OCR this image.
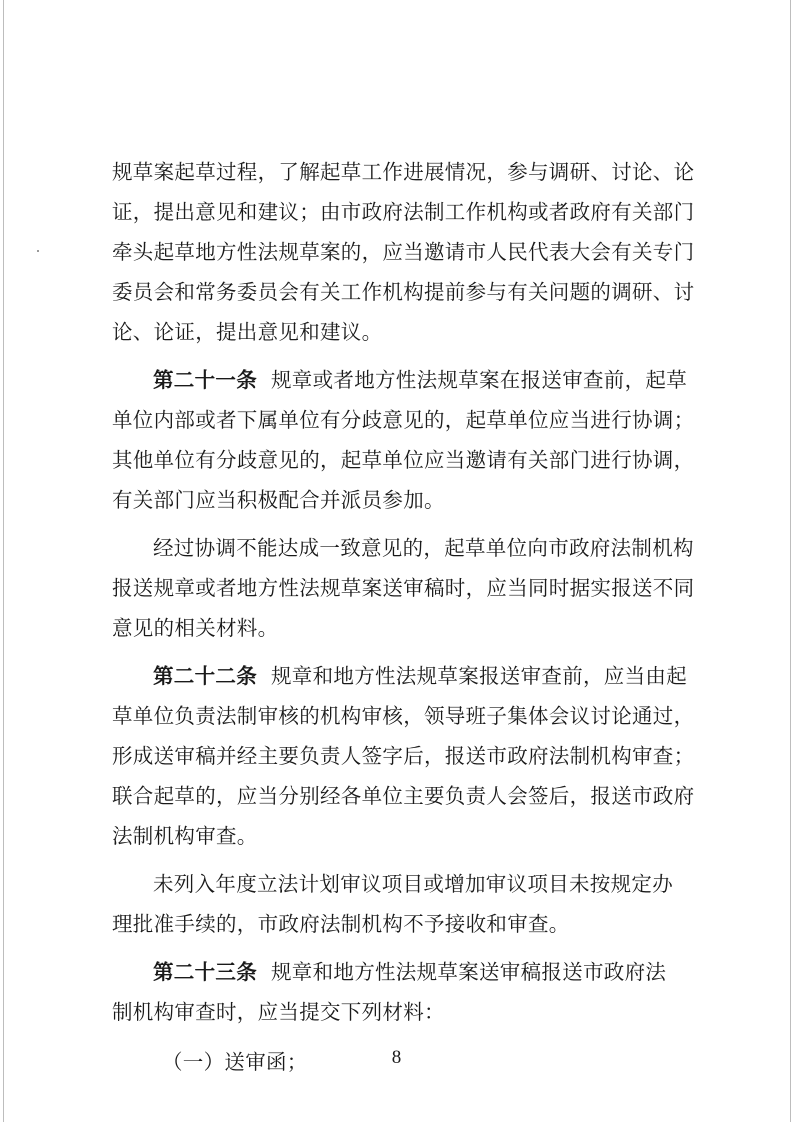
规草案起草过程，了解起草工作进展情况，参与调研、讨论、论
证，提出意见和建议；由市政府法制工作机构或者政府有关部门
牵头起草地方性法规草案的，应当邀请市人民代表大会有关专门
委员会和常务委员会有关工作机构提前参与有关问题的调研、讨
论、论证，提出意见和建议。
第二十一条 规章或者地方性法规草案在报送审查前，起草
单位内部或者下属单位有分歧意见的，起草单位应当进行协调；
其他单位有分歧意见的，起草单位应当邀请有关部门进行协调，
有关部门应当积极配合并派员参加。
经过协调不能达成一致意见的，起草单位向市政府法制机构
报送规章或者地方性法规草案送审稿时，应当同时据实报送不同
意见的相关材料。
第二十二条 规章和地方性法规草案报送审查前，应当由起
草单位负责法制审核的机构审核，领导班子集体会议讨论通过，
形成送审稿并经主要负责人签字后，报送市政府法制机构审查；
联合起草的，应当分别经各单位主要负责人会签后，报送市政府
法制机构审查。
未列入年度立法计划审议项目或增加审议项目未按规定办
理批准手续的，市政府法制机构不予接收和审查。
第二十三条 规章和地方性法规草案送审稿报送市政府法
制机构审查时，应当提交下列材料：
（一）送审函；	8
